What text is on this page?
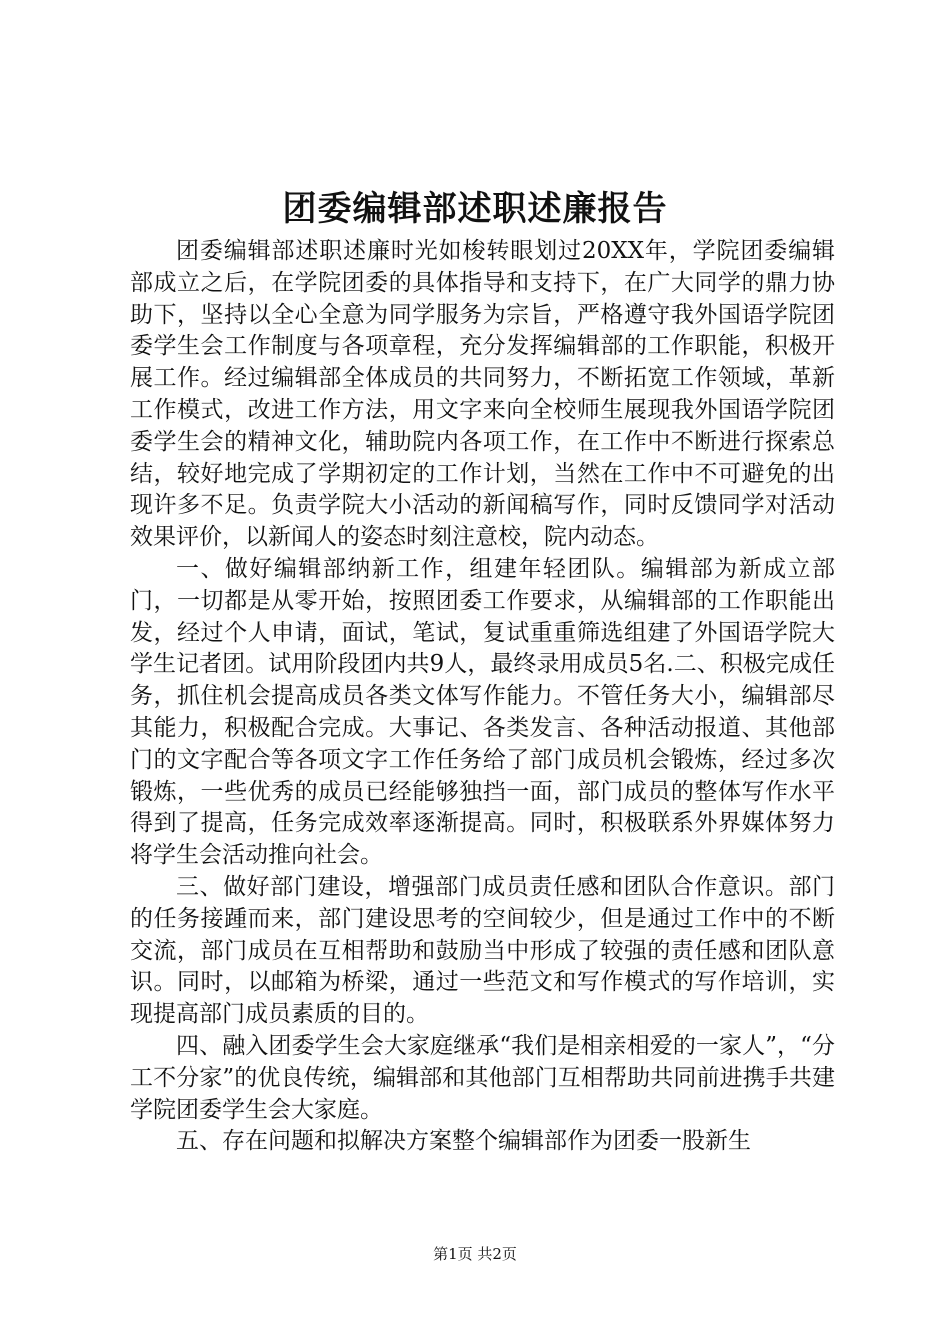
团委编辑部述职述廉报告

团委编辑部述职述廉时光如梭转眼划过20XX年，学院团委编辑部成立之后，在学院团委的具体指导和支持下，在广大同学的鼎力协助下，坚持以全心全意为同学服务为宗旨，严格遵守我外国语学院团委学生会工作制度与各项章程，充分发挥编辑部的工作职能，积极开展工作。经过编辑部全体成员的共同努力，不断拓宽工作领域，革新工作模式，改进工作方法，用文字来向全校师生展现我外国语学院团委学生会的精神文化，辅助院内各项工作，在工作中不断进行探索总结，较好地完成了学期初定的工作计划，当然在工作中不可避免的出现许多不足。负责学院大小活动的新闻稿写作，同时反馈同学对活动效果评价，以新闻人的姿态时刻注意校，院内动态。

一、做好编辑部纳新工作，组建年轻团队。编辑部为新成立部门，一切都是从零开始，按照团委工作要求，从编辑部的工作职能出发，经过个人申请，面试，笔试，复试重重筛选组建了外国语学院大学生记者团。试用阶段团内共9人，最终录用成员5名.二、积极完成任务，抓住机会提高成员各类文体写作能力。不管任务大小，编辑部尽其能力，积极配合完成。大事记、各类发言、各种活动报道、其他部门的文字配合等各项文字工作任务给了部门成员机会锻炼，经过多次锻炼，一些优秀的成员已经能够独挡一面，部门成员的整体写作水平得到了提高，任务完成效率逐渐提高。同时，积极联系外界媒体努力将学生会活动推向社会。

三、做好部门建设，增强部门成员责任感和团队合作意识。部门的任务接踵而来，部门建设思考的空间较少，但是通过工作中的不断交流，部门成员在互相帮助和鼓励当中形成了较强的责任感和团队意识。同时，以邮箱为桥梁，通过一些范文和写作模式的写作培训，实现提高部门成员素质的目的。

四、融入团委学生会大家庭继承“我们是相亲相爱的一家人”，“分工不分家”的优良传统，编辑部和其他部门互相帮助共同前进携手共建学院团委学生会大家庭。

五、存在问题和拟解决方案整个编辑部作为团委一股新生

第1页 共2页
